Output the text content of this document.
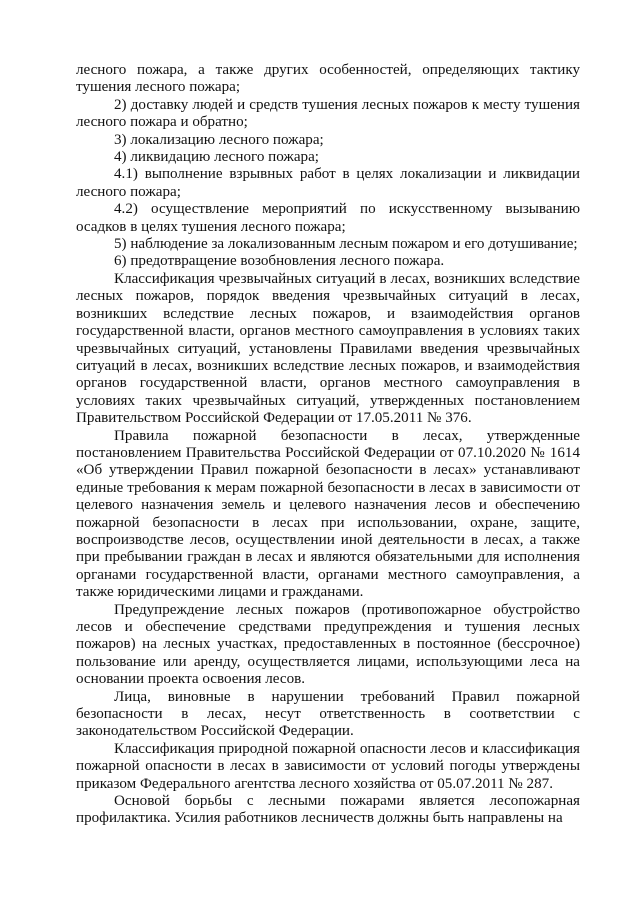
лесного пожара, а также других особенностей, определяющих тактику тушения лесного пожара;

2) доставку людей и средств тушения лесных пожаров к месту тушения лесного пожара и обратно;

3) локализацию лесного пожара;

4) ликвидацию лесного пожара;

4.1) выполнение взрывных работ в целях локализации и ликвидации лесного пожара;

4.2) осуществление мероприятий по искусственному вызыванию осадков в целях тушения лесного пожара;

5) наблюдение за локализованным лесным пожаром и его дотушивание;

6) предотвращение возобновления лесного пожара.

Классификация чрезвычайных ситуаций в лесах, возникших вследствие лесных пожаров, порядок введения чрезвычайных ситуаций в лесах, возникших вследствие лесных пожаров, и взаимодействия органов государственной власти, органов местного самоуправления в условиях таких чрезвычайных ситуаций, установлены Правилами введения чрезвычайных ситуаций в лесах, возникших вследствие лесных пожаров, и взаимодействия органов государственной власти, органов местного самоуправления в условиях таких чрезвычайных ситуаций, утвержденных постановлением Правительством Российской Федерации от 17.05.2011 № 376.

Правила пожарной безопасности в лесах, утвержденные постановлением Правительства Российской Федерации от 07.10.2020 № 1614 «Об утверждении Правил пожарной безопасности в лесах» устанавливают единые требования к мерам пожарной безопасности в лесах в зависимости от целевого назначения земель и целевого назначения лесов и обеспечению пожарной безопасности в лесах при использовании, охране, защите, воспроизводстве лесов, осуществлении иной деятельности в лесах, а также при пребывании граждан в лесах и являются обязательными для исполнения органами государственной власти, органами местного самоуправления, а также юридическими лицами и гражданами.

Предупреждение лесных пожаров (противопожарное обустройство лесов и обеспечение средствами предупреждения и тушения лесных пожаров) на лесных участках, предоставленных в постоянное (бессрочное) пользование или аренду, осуществляется лицами, использующими леса на основании проекта освоения лесов.

Лица, виновные в нарушении требований Правил пожарной безопасности в лесах, несут ответственность в соответствии с законодательством Российской Федерации.

Классификация природной пожарной опасности лесов и классификация пожарной опасности в лесах в зависимости от условий погоды утверждены приказом Федерального агентства лесного хозяйства от 05.07.2011 № 287.

Основой борьбы с лесными пожарами является лесопожарная профилактика. Усилия работников лесничеств должны быть направлены на
